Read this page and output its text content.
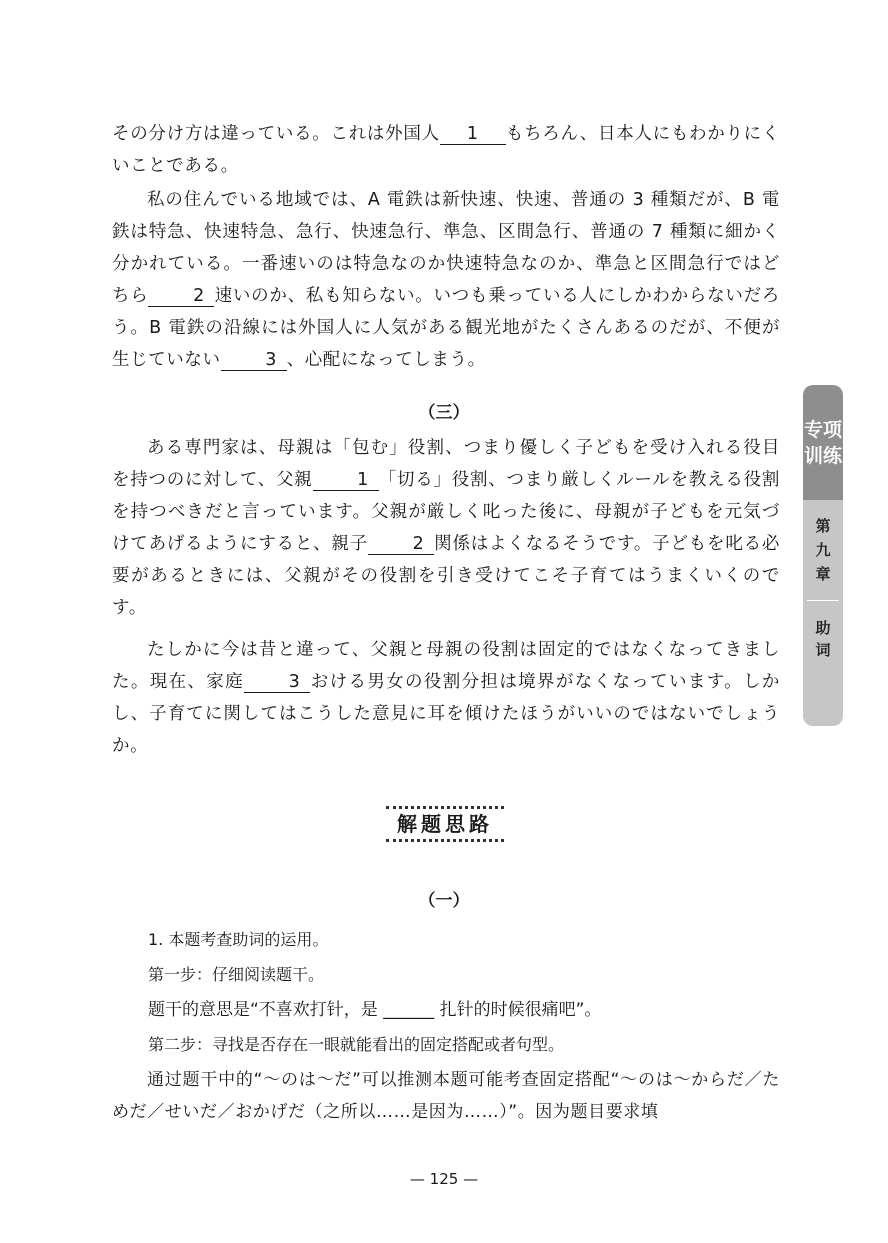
その分け方は違っている。これは外国人 1 もちろん、日本人にもわかりにくいことである。

私の住んでいる地域では、A 電鉄は新快速、快速、普通の 3 種類だが、B 電鉄は特急、快速特急、急行、快速急行、準急、区間急行、普通の 7 種類に細かく分かれている。一番速いのは特急なのか快速特急なのか、準急と区間急行ではどちら	2 速いのか、私も知らない。いつも乗っている人にしかわからないだろう。B 電鉄の沿線には外国人に人気がある観光地がたくさんあるのだが、不便が生じていない	3 、心配になってしまう。

（三）

ある専門家は、母親は「包む」役割、つまり優しく子どもを受け入れる役目を持つのに対して、父親	1 「切る」役割、つまり厳しくルールを教える役割を持つべきだと言っています。父親が厳しく叱った後に、母親が子どもを元気づけてあげるようにすると、親子	2 関係はよくなるそうです。子どもを叱る必要があるときには、父親がその役割を引き受けてこそ子育てはうまくいくのです。

たしかに今は昔と違って、父親と母親の役割は固定的ではなくなってきました。現在、家庭	3 おける男女の役割分担は境界がなくなっています。しかし、子育てに関してはこうした意見に耳を傾けたほうがいいのではないでしょうか。

专项
训练
第
九
章
助
词
解题思路

（一）

1. 本题考查助词的运用。

第一步：仔细阅读题干。

题干的意思是“不喜欢打针，是 ______ 扎针的时候很痛吧”。

第二步：寻找是否存在一眼就能看出的固定搭配或者句型。

通过题干中的“～のは～だ”可以推测本题可能考查固定搭配“～のは～からだ／ためだ／せいだ／おかげだ（之所以……是因为……）”。因为题目要求填

— 125 —
